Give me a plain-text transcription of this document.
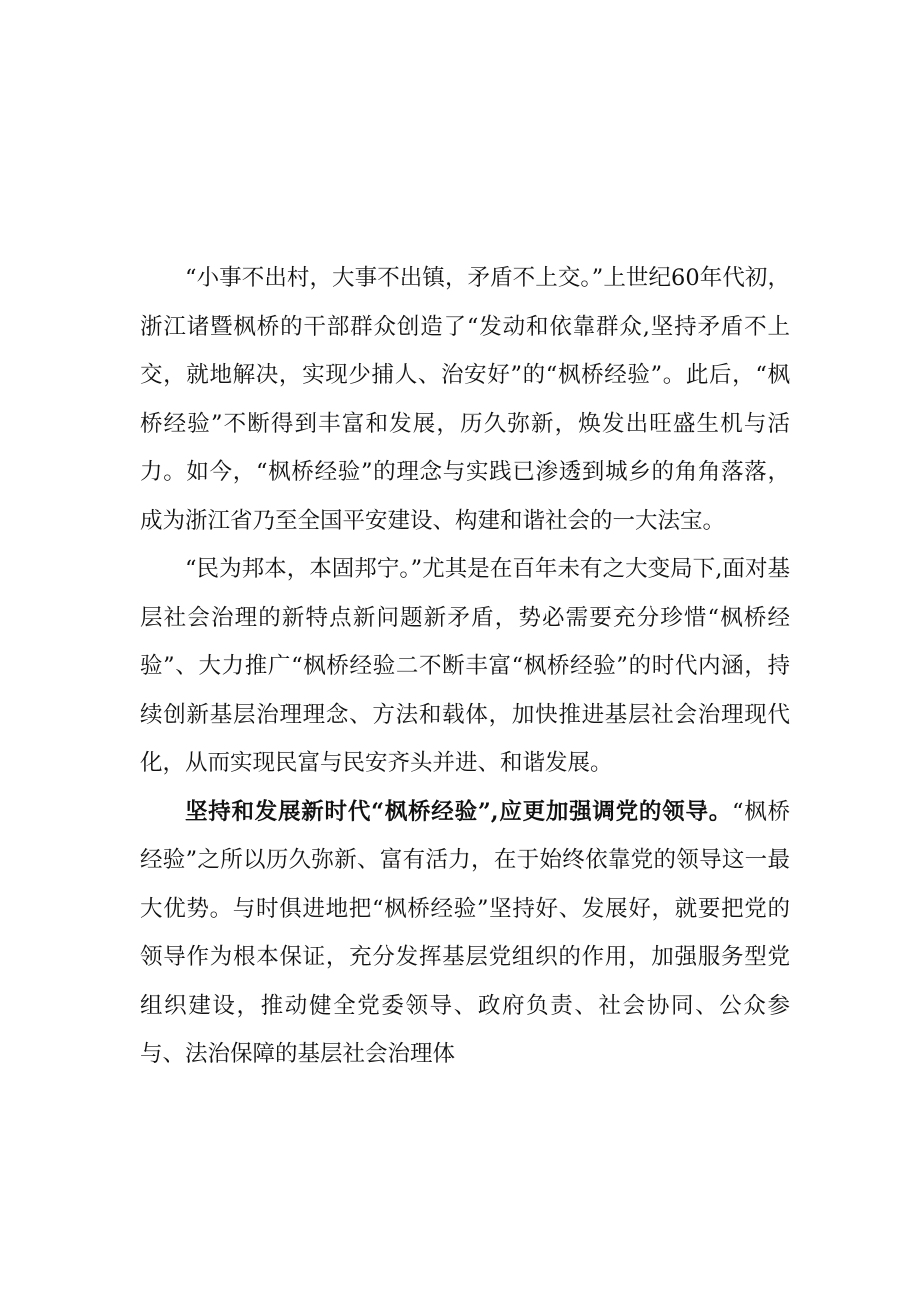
“小事不出村，大事不出镇，矛盾不上交。”上世纪60年代初，浙江诸暨枫桥的干部群众创造了“发动和依靠群众,坚持矛盾不上交，就地解决，实现少捕人、治安好”的“枫桥经验”。此后，“枫桥经验”不断得到丰富和发展，历久弥新，焕发出旺盛生机与活力。如今，“枫桥经验”的理念与实践已渗透到城乡的角角落落，成为浙江省乃至全国平安建设、构建和谐社会的一大法宝。

“民为邦本，本固邦宁。”尤其是在百年未有之大变局下,面对基层社会治理的新特点新问题新矛盾，势必需要充分珍惜“枫桥经验”、大力推广“枫桥经验二不断丰富“枫桥经验”的时代内涵，持续创新基层治理理念、方法和载体，加快推进基层社会治理现代化，从而实现民富与民安齐头并进、和谐发展。

坚持和发展新时代“枫桥经验”,应更加强调党的领导。“枫桥经验”之所以历久弥新、富有活力，在于始终依靠党的领导这一最大优势。与时俱进地把“枫桥经验”坚持好、发展好，就要把党的领导作为根本保证，充分发挥基层党组织的作用，加强服务型党组织建设，推动健全党委领导、政府负责、社会协同、公众参与、法治保障的基层社会治理体
